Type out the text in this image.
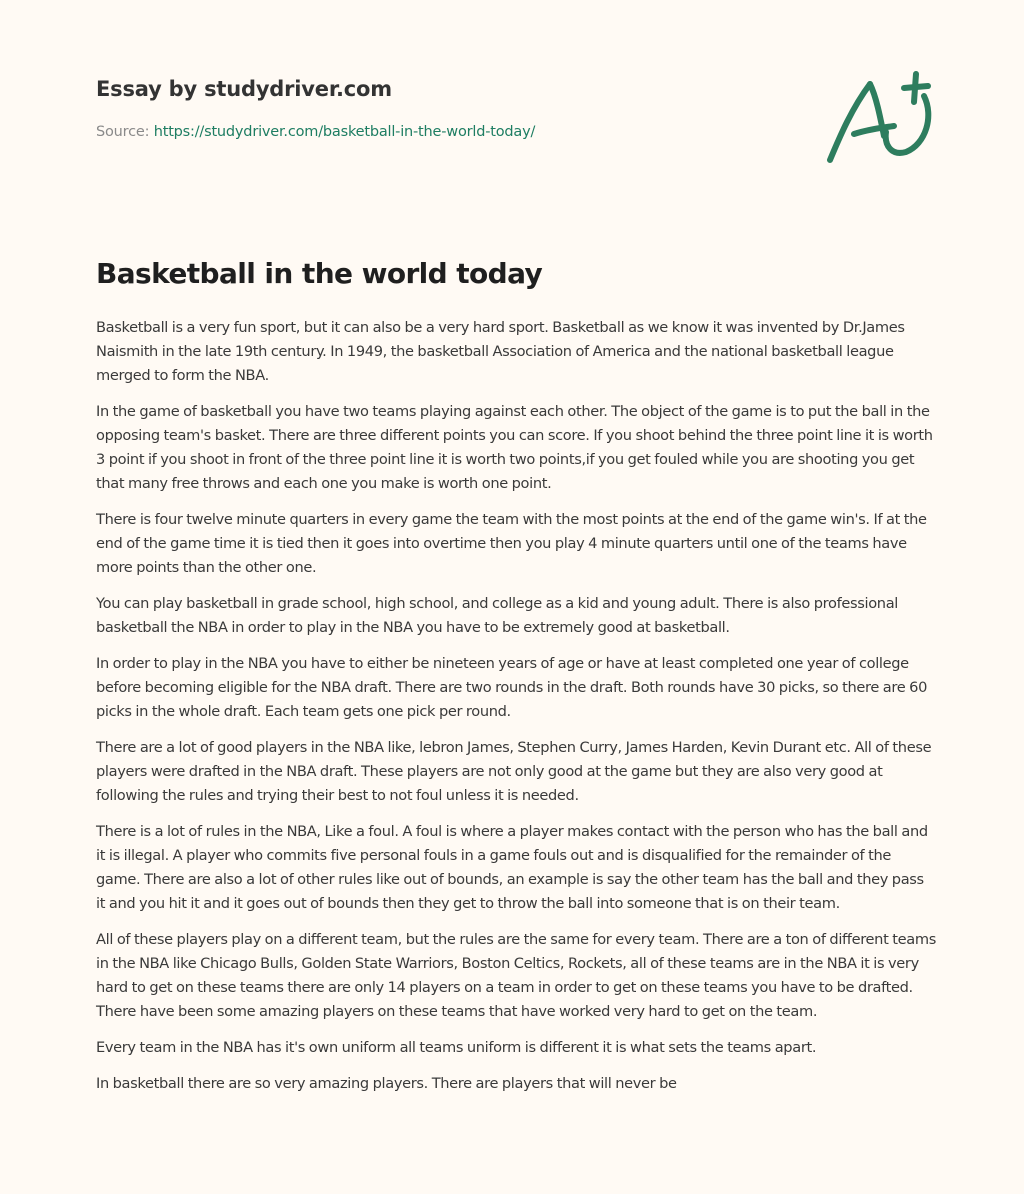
Essay by studydriver.com
Source: https://studydriver.com/basketball-in-the-world-today/
Basketball in the world today

Basketball is a very fun sport, but it can also be a very hard sport. Basketball as we know it was invented by Dr.James Naismith in the late 19th century. In 1949, the basketball Association of America and the national basketball league merged to form the NBA.

In the game of basketball you have two teams playing against each other. The object of the game is to put the ball in the opposing team's basket. There are three different points you can score. If you shoot behind the three point line it is worth 3 point if you shoot in front of the three point line it is worth two points,if you get fouled while you are shooting you get that many free throws and each one you make is worth one point.

There is four twelve minute quarters in every game the team with the most points at the end of the game win's. If at the end of the game time it is tied then it goes into overtime then you play 4 minute quarters until one of the teams have more points than the other one.

You can play basketball in grade school, high school, and college as a kid and young adult. There is also professional basketball the NBA in order to play in the NBA you have to be extremely good at basketball.

In order to play in the NBA you have to either be nineteen years of age or have at least completed one year of college before becoming eligible for the NBA draft. There are two rounds in the draft. Both rounds have 30 picks, so there are 60 picks in the whole draft. Each team gets one pick per round.

There are a lot of good players in the NBA like, lebron James, Stephen Curry, James Harden, Kevin Durant etc. All of these players were drafted in the NBA draft. These players are not only good at the game but they are also very good at following the rules and trying their best to not foul unless it is needed.

There is a lot of rules in the NBA, Like a foul. A foul is where a player makes contact with the person who has the ball and it is illegal. A player who commits five personal fouls in a game fouls out and is disqualified for the remainder of the game. There are also a lot of other rules like out of bounds, an example is say the other team has the ball and they pass it and you hit it and it goes out of bounds then they get to throw the ball into someone that is on their team.

All of these players play on a different team, but the rules are the same for every team. There are a ton of different teams in the NBA like Chicago Bulls, Golden State Warriors, Boston Celtics, Rockets, all of these teams are in the NBA it is very hard to get on these teams there are only 14 players on a team in order to get on these teams you have to be drafted. There have been some amazing players on these teams that have worked very hard to get on the team.

Every team in the NBA has it's own uniform all teams uniform is different it is what sets the teams apart.

In basketball there are so very amazing players. There are players that will never be
